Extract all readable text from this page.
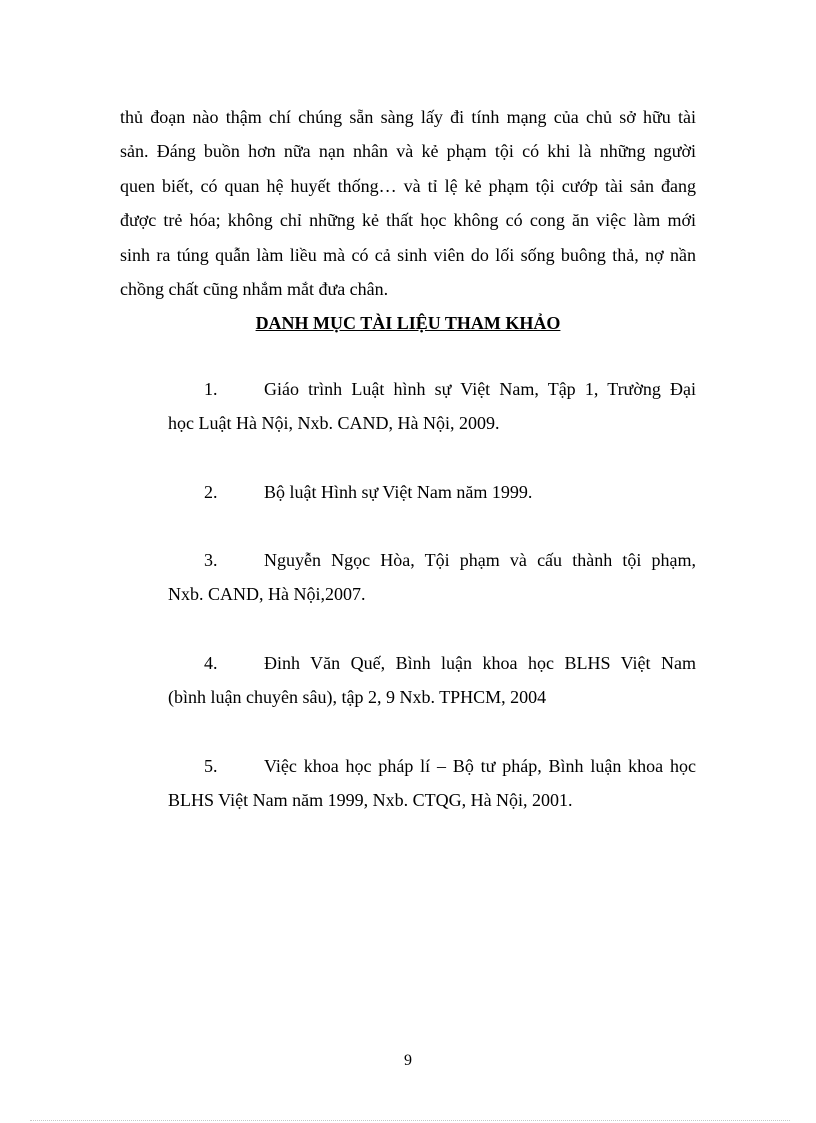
thủ đoạn nào thậm chí chúng sẵn sàng lấy đi tính mạng của chủ sở hữu tài
sản. Đáng buồn hơn nữa nạn nhân và kẻ phạm tội có khi là những người
quen biết, có quan hệ huyết thống… và tỉ lệ kẻ phạm tội cướp tài sản đang
được trẻ hóa; không chỉ những kẻ thất học không có cong ăn việc làm mới
sinh ra túng quẫn làm liều mà có cả sinh viên do lối sống buông thả, nợ nần
chồng chất cũng nhắm mắt đưa chân.
DANH MỤC TÀI LIỆU THAM KHẢO
1.	Giáo trình Luật hình sự Việt Nam, Tập 1, Trường Đại
học Luật Hà Nội, Nxb. CAND, Hà Nội, 2009.
2.	Bộ luật Hình sự Việt Nam năm 1999.
3.	Nguyễn Ngọc Hòa, Tội phạm và cấu thành tội phạm,
Nxb. CAND, Hà Nội,2007.
4.	Đinh Văn Quế, Bình luận khoa học BLHS Việt Nam
(bình luận chuyên sâu), tập 2, 9 Nxb. TPHCM, 2004
5.	Việc khoa học pháp lí – Bộ tư pháp, Bình luận khoa học
BLHS Việt Nam năm 1999, Nxb. CTQG, Hà Nội, 2001.
9
